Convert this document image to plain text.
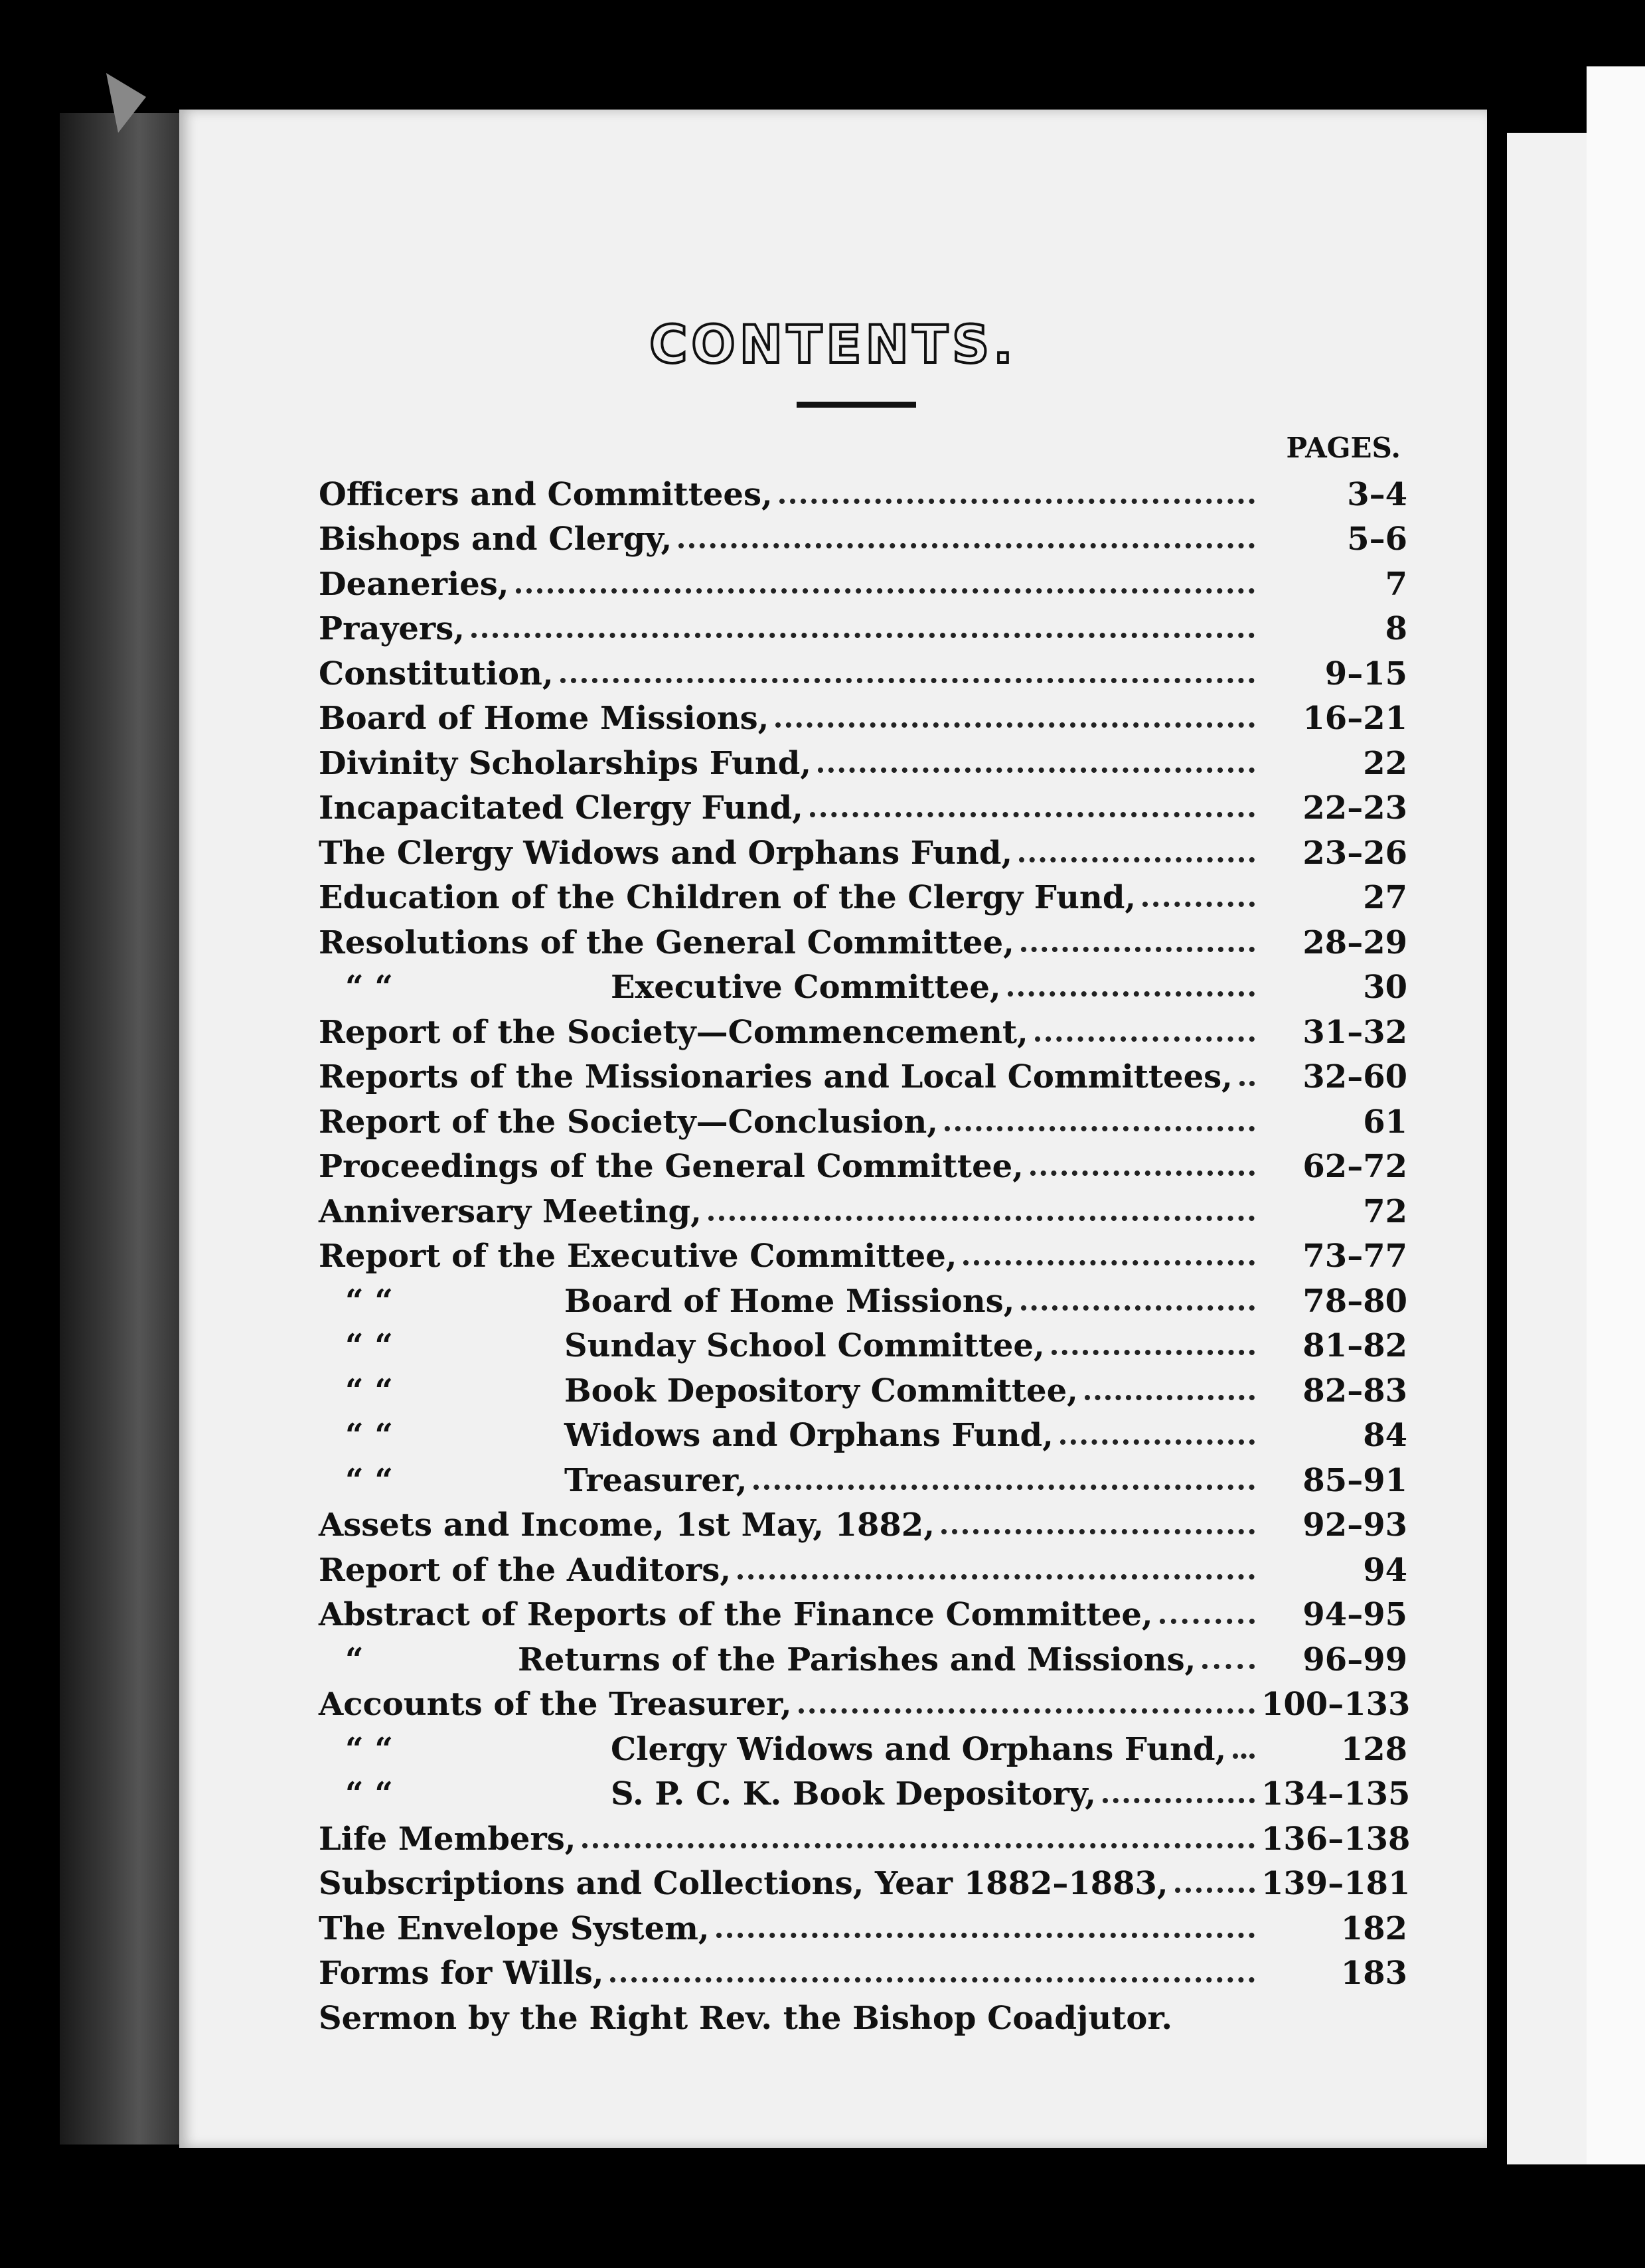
CONTENTS.
PAGES.
Officers and Committees,	3–4
Bishops and Clergy,	5–6
Deaneries,	7
Prayers,	8
Constitution,	9–15
Board of Home Missions,	16–21
Divinity Scholarships Fund,	22
Incapacitated Clergy Fund,	22–23
The Clergy Widows and Orphans Fund,	23–26
Education of the Children of the Clergy Fund,	27
Resolutions of the General Committee,	28–29
“ “	Executive Committee,	30
Report of the Society—Commencement,	31–32
Reports of the Missionaries and Local Committees,	32–60
Report of the Society—Conclusion,	61
Proceedings of the General Committee,	62–72
Anniversary Meeting,	72
Report of the Executive Committee,	73–77
“ “	Board of Home Missions,	78–80
“ “	Sunday School Committee,	81–82
“ “	Book Depository Committee,	82–83
“ “	Widows and Orphans Fund,	84
“ “	Treasurer,	85–91
Assets and Income, 1st May, 1882,	92–93
Report of the Auditors,	94
Abstract of Reports of the Finance Committee,	94–95
“	Returns of the Parishes and Missions,	96–99
Accounts of the Treasurer,	100–133
“ “	Clergy Widows and Orphans Fund,	128
“ “	S. P. C. K. Book Depository,	134–135
Life Members,	136–138
Subscriptions and Collections, Year 1882–1883,	139–181
The Envelope System,	182
Forms for Wills,	183
Sermon by the Right Rev. the Bishop Coadjutor.
